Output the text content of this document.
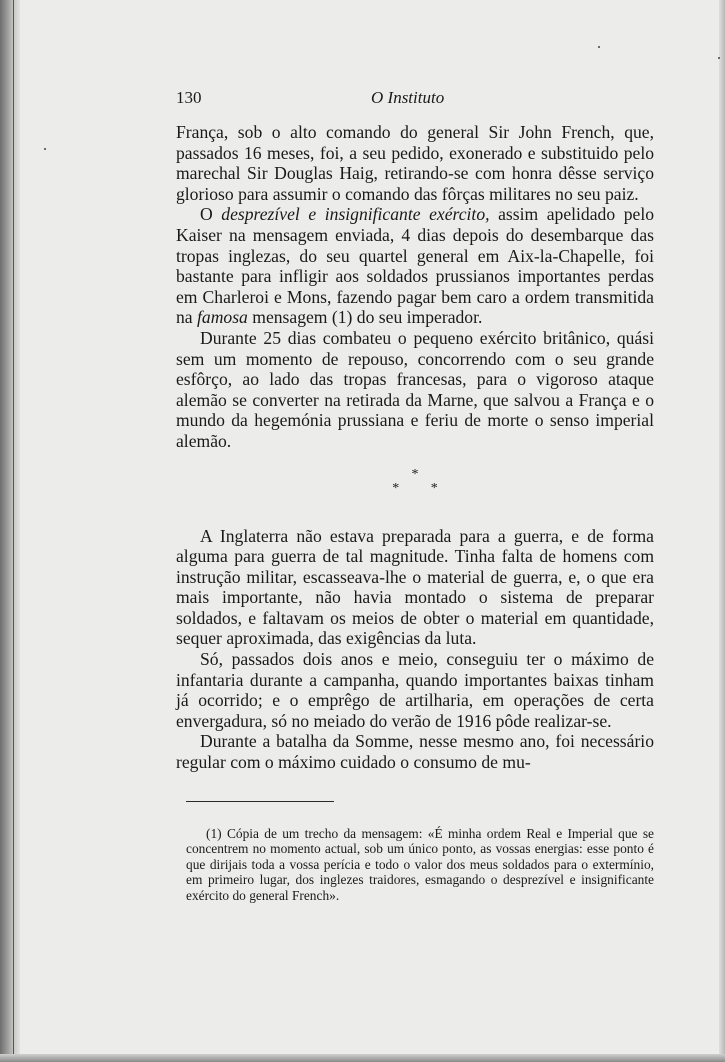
130	O Instituto

França, sob o alto comando do general Sir John French, que, passados 16 meses, foi, a seu pedido, exonerado e substituido pelo marechal Sir Douglas Haig, retirando-se com honra dêsse serviço glorioso para assumir o comando das fôrças militares no seu paiz.

O desprezível e insignificante exército, assim apelidado pelo Kaiser na mensagem enviada, 4 dias depois do desembarque das tropas inglezas, do seu quartel general em Aix-la-Chapelle, foi bastante para infligir aos soldados prussianos importantes perdas em Charleroi e Mons, fazendo pagar bem caro a ordem transmitida na famosa mensagem (1) do seu imperador.

Durante 25 dias combateu o pequeno exército britânico, quási sem um momento de repouso, concorrendo com o seu grande esfôrço, ao lado das tropas francesas, para o vigoroso ataque alemão se converter na retirada da Marne, que salvou a França e o mundo da hegemónia prussiana e feriu de morte o senso imperial alemão.

*
* *

A Inglaterra não estava preparada para a guerra, e de forma alguma para guerra de tal magnitude. Tinha falta de homens com instrução militar, escasseava-lhe o material de guerra, e, o que era mais importante, não havia montado o sistema de preparar soldados, e faltavam os meios de obter o material em quantidade, sequer aproximada, das exigências da luta.

Só, passados dois anos e meio, conseguiu ter o máximo de infantaria durante a campanha, quando importantes baixas tinham já ocorrido; e o emprêgo de artilharia, em operações de certa envergadura, só no meiado do verão de 1916 pôde realizar-se.

Durante a batalha da Somme, nesse mesmo ano, foi necessário regular com o máximo cuidado o consumo de mu-

(1) Cópia de um trecho da mensagem: «É minha ordem Real e Imperial que se concentrem no momento actual, sob um único ponto, as vossas energias: esse ponto é que dirijais toda a vossa perícia e todo o valor dos meus soldados para o extermínio, em primeiro lugar, dos inglezes traidores, esmagando o desprezível e insignificante exército do general French».
